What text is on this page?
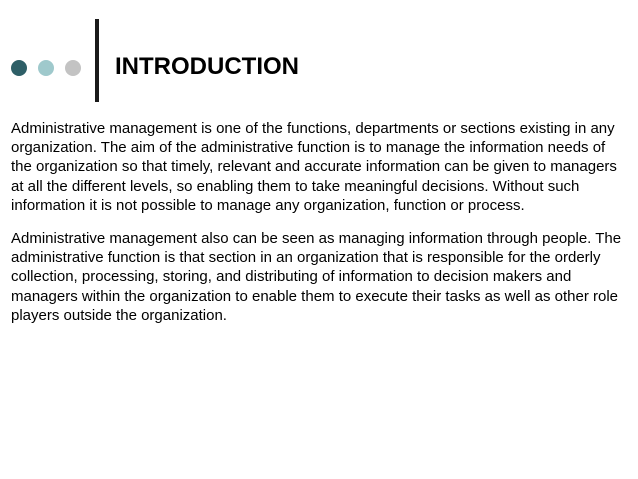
INTRODUCTION

Administrative management is one of the functions, departments or sections existing in any organization. The aim of the administrative function is to manage the information needs of the organization so that timely, relevant and accurate information can be given to managers at all the different levels, so enabling them to take meaningful decisions. Without such information it is not possible to manage any organization, function or process.

Administrative management also can be seen as managing information through people. The administrative function is that section in an organization that is responsible for the orderly collection, processing, storing, and distributing of information to decision makers and managers within the organization to enable them to execute their tasks as well as other role players outside the organization.
